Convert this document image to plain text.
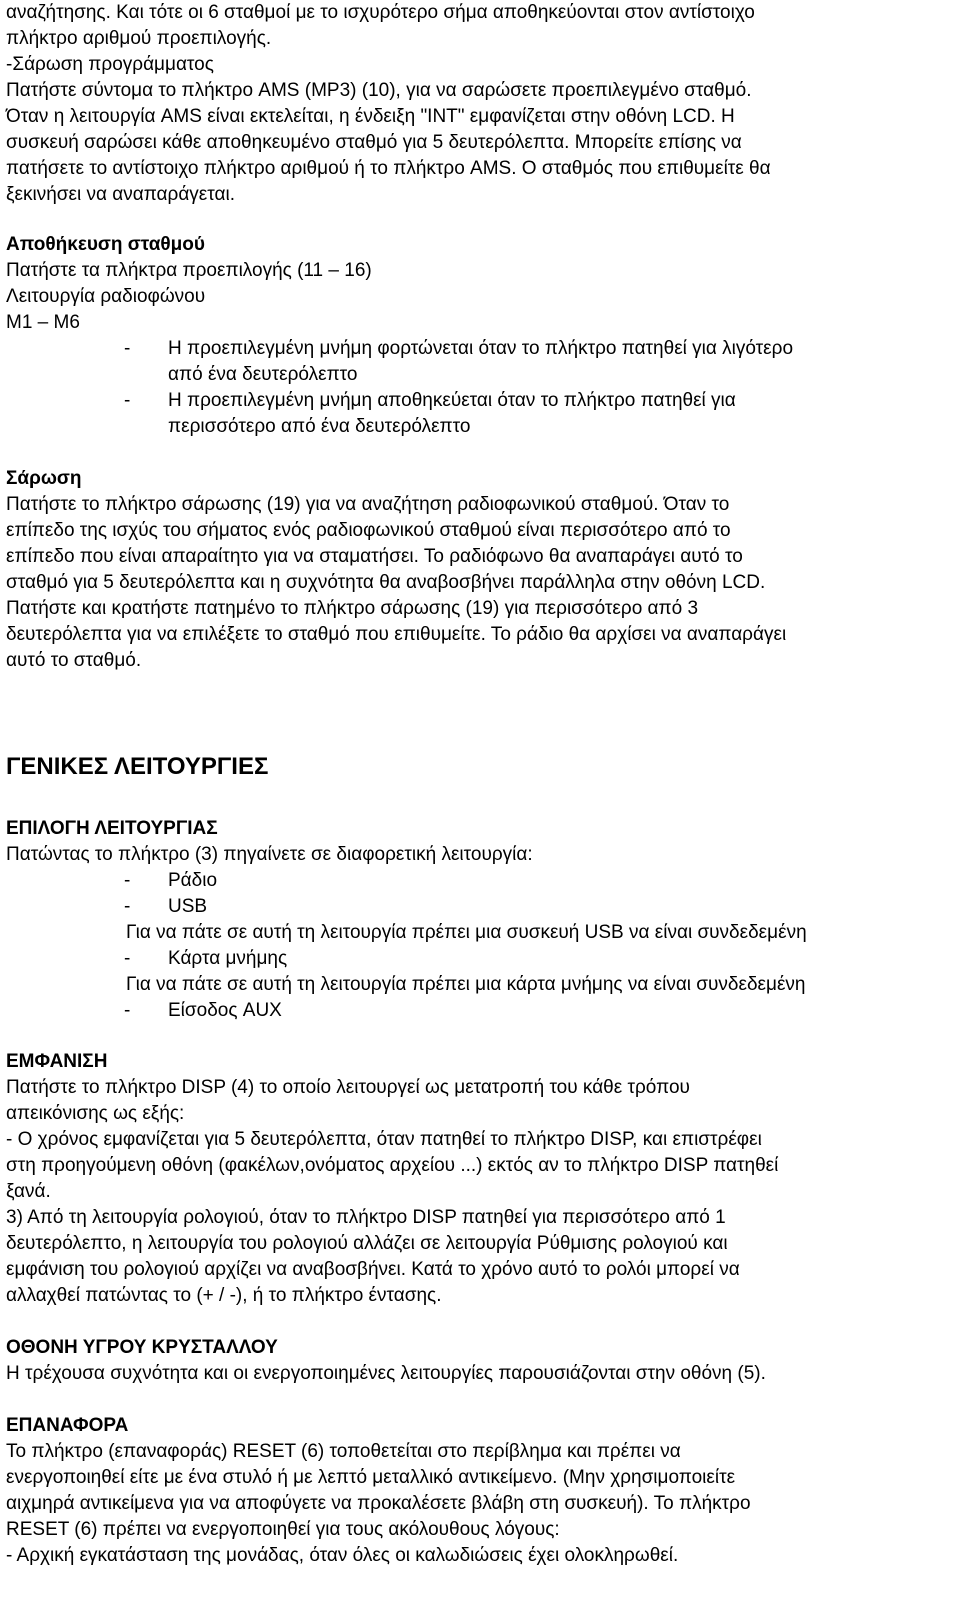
αναζήτησης. Και τότε οι 6 σταθμοί με το ισχυρότερο σήμα αποθηκεύονται στον αντίστοιχο
πλήκτρο αριθμού προεπιλογής.
-Σάρωση προγράμματος
Πατήστε σύντομα το πλήκτρο AMS (MP3) (10), για να σαρώσετε προεπιλεγμένο σταθμό.
Όταν η λειτουργία AMS είναι εκτελείται, η ένδειξη "INT" εμφανίζεται στην οθόνη LCD. Η
συσκευή σαρώσει κάθε αποθηκευμένο σταθμό για 5 δευτερόλεπτα. Μπορείτε επίσης να
πατήσετε το αντίστοιχο πλήκτρο αριθμού ή το πλήκτρο AMS. Ο σταθμός που επιθυμείτε θα
ξεκινήσει να αναπαράγεται.
Αποθήκευση σταθμού
Πατήστε τα πλήκτρα προεπιλογής (11 – 16)
Λειτουργία ραδιοφώνου
M1 – M6
- Η προεπιλεγμένη μνήμη φορτώνεται όταν το πλήκτρο πατηθεί για λιγότερο
από ένα δευτερόλεπτο
- Η προεπιλεγμένη μνήμη αποθηκεύεται όταν το πλήκτρο πατηθεί για
περισσότερο από ένα δευτερόλεπτο
Σάρωση
Πατήστε το πλήκτρο σάρωσης (19) για να αναζήτηση ραδιοφωνικού σταθμού. Όταν το
επίπεδο της ισχύς του σήματος ενός ραδιοφωνικού σταθμού είναι περισσότερο από το
επίπεδο που είναι απαραίτητο για να σταματήσει. Το ραδιόφωνο θα αναπαράγει αυτό το
σταθμό για 5 δευτερόλεπτα και η συχνότητα θα αναβοσβήνει παράλληλα στην οθόνη LCD.
Πατήστε και κρατήστε πατημένο το πλήκτρο σάρωσης (19) για περισσότερο από 3
δευτερόλεπτα για να επιλέξετε το σταθμό που επιθυμείτε. Το ράδιο θα αρχίσει να αναπαράγει
αυτό το σταθμό.
ΓΕΝΙΚΕΣ ΛΕΙΤΟΥΡΓΙΕΣ
ΕΠΙΛΟΓΗ ΛΕΙΤΟΥΡΓΙΑΣ
Πατώντας το πλήκτρο (3) πηγαίνετε σε διαφορετική λειτουργία:
- Ράδιο
- USB
Για να πάτε σε αυτή τη λειτουργία πρέπει μια συσκευή USB να είναι συνδεδεμένη
- Κάρτα μνήμης
Για να πάτε σε αυτή τη λειτουργία πρέπει μια κάρτα μνήμης να είναι συνδεδεμένη
- Είσοδος AUX
ΕΜΦΑΝΙΣΗ
Πατήστε το πλήκτρο DISP (4) το οποίο λειτουργεί ως μετατροπή του κάθε τρόπου
απεικόνισης ως εξής:
- Ο χρόνος εμφανίζεται για 5 δευτερόλεπτα, όταν πατηθεί το πλήκτρο DISP, και επιστρέφει
στη προηγούμενη οθόνη (φακέλων,ονόματος αρχείου ...) εκτός αν το πλήκτρο DISP πατηθεί
ξανά.
3) Από τη λειτουργία ρολογιού, όταν το πλήκτρο DISP πατηθεί για περισσότερο από 1
δευτερόλεπτο, η λειτουργία του ρολογιού αλλάζει σε λειτουργία Ρύθμισης ρολογιού και
εμφάνιση του ρολογιού αρχίζει να αναβοσβήνει. Κατά το χρόνο αυτό το ρολόι μπορεί να
αλλαχθεί πατώντας το (+ / -), ή το πλήκτρο έντασης.
ΟΘΟΝΗ ΥΓΡΟΥ ΚΡΥΣΤΑΛΛΟΥ
Η τρέχουσα συχνότητα και οι ενεργοποιημένες λειτουργίες παρουσιάζονται στην οθόνη (5).
ΕΠΑΝΑΦΟΡΑ
Το πλήκτρο (επαναφοράς) RESET (6) τοποθετείται στο περίβλημα και πρέπει να
ενεργοποιηθεί είτε με ένα στυλό ή με λεπτό μεταλλικό αντικείμενο. (Μην χρησιμοποιείτε
αιχμηρά αντικείμενα για να αποφύγετε να προκαλέσετε βλάβη στη συσκευή). Το πλήκτρο
RESET (6) πρέπει να ενεργοποιηθεί για τους ακόλουθους λόγους:
- Αρχική εγκατάσταση της μονάδας, όταν όλες οι καλωδιώσεις έχει ολοκληρωθεί.
